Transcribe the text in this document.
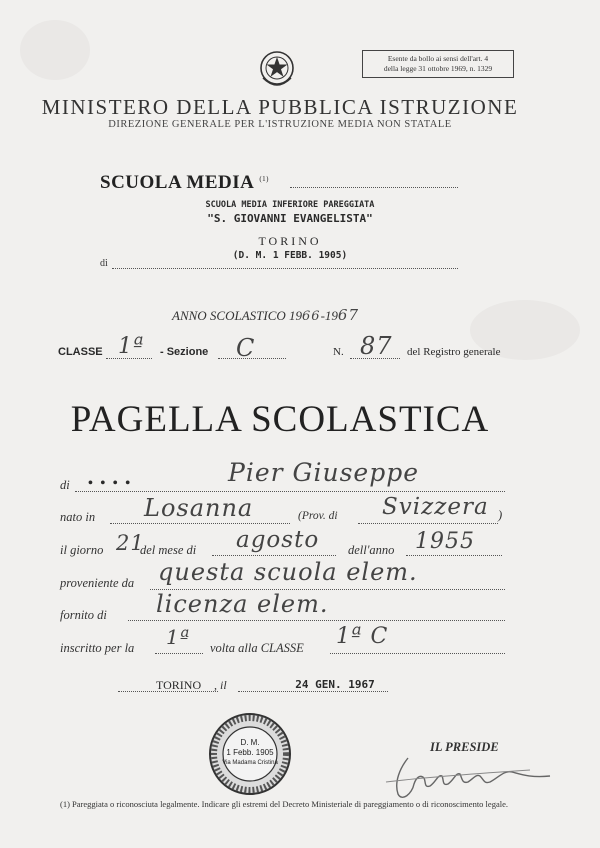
Esente da bollo ai sensi dell'art. 4
della legge 31 ottobre 1969, n. 1329
MINISTERO DELLA PUBBLICA ISTRUZIONE
DIREZIONE GENERALE PER L'ISTRUZIONE MEDIA NON STATALE
SCUOLA MEDIA $^{(1)}$
SCUOLA MEDIA INFERIORE PAREGGIATA
"S. GIOVANNI EVANGELISTA"
TORINO
(D. M. 1 FEBB. 1905)
di
ANNO SCOLASTICO 1966-1967
CLASSE 1ª - Sezione C	N. 87 del Registro generale
PAGELLA SCOLASTICA
di • • • •	Pier Giuseppe
nato in Losanna	(Prov. di Svizzera )
il giorno 21
del mese di agosto dell'anno 1955
proveniente da questa scuola elem.
fornito di licenza elem.
inscritto per la 1ª volta alla CLASSE 1ª C
TORINO , il	24 GEN. 1967
D. M.
1 Febb. 1905
Via Madama Cristina
IL PRESIDE
(1) Pareggiata o riconosciuta legalmente. Indicare gli estremi del Decreto Ministeriale di pareggiamento o di riconoscimento legale.
